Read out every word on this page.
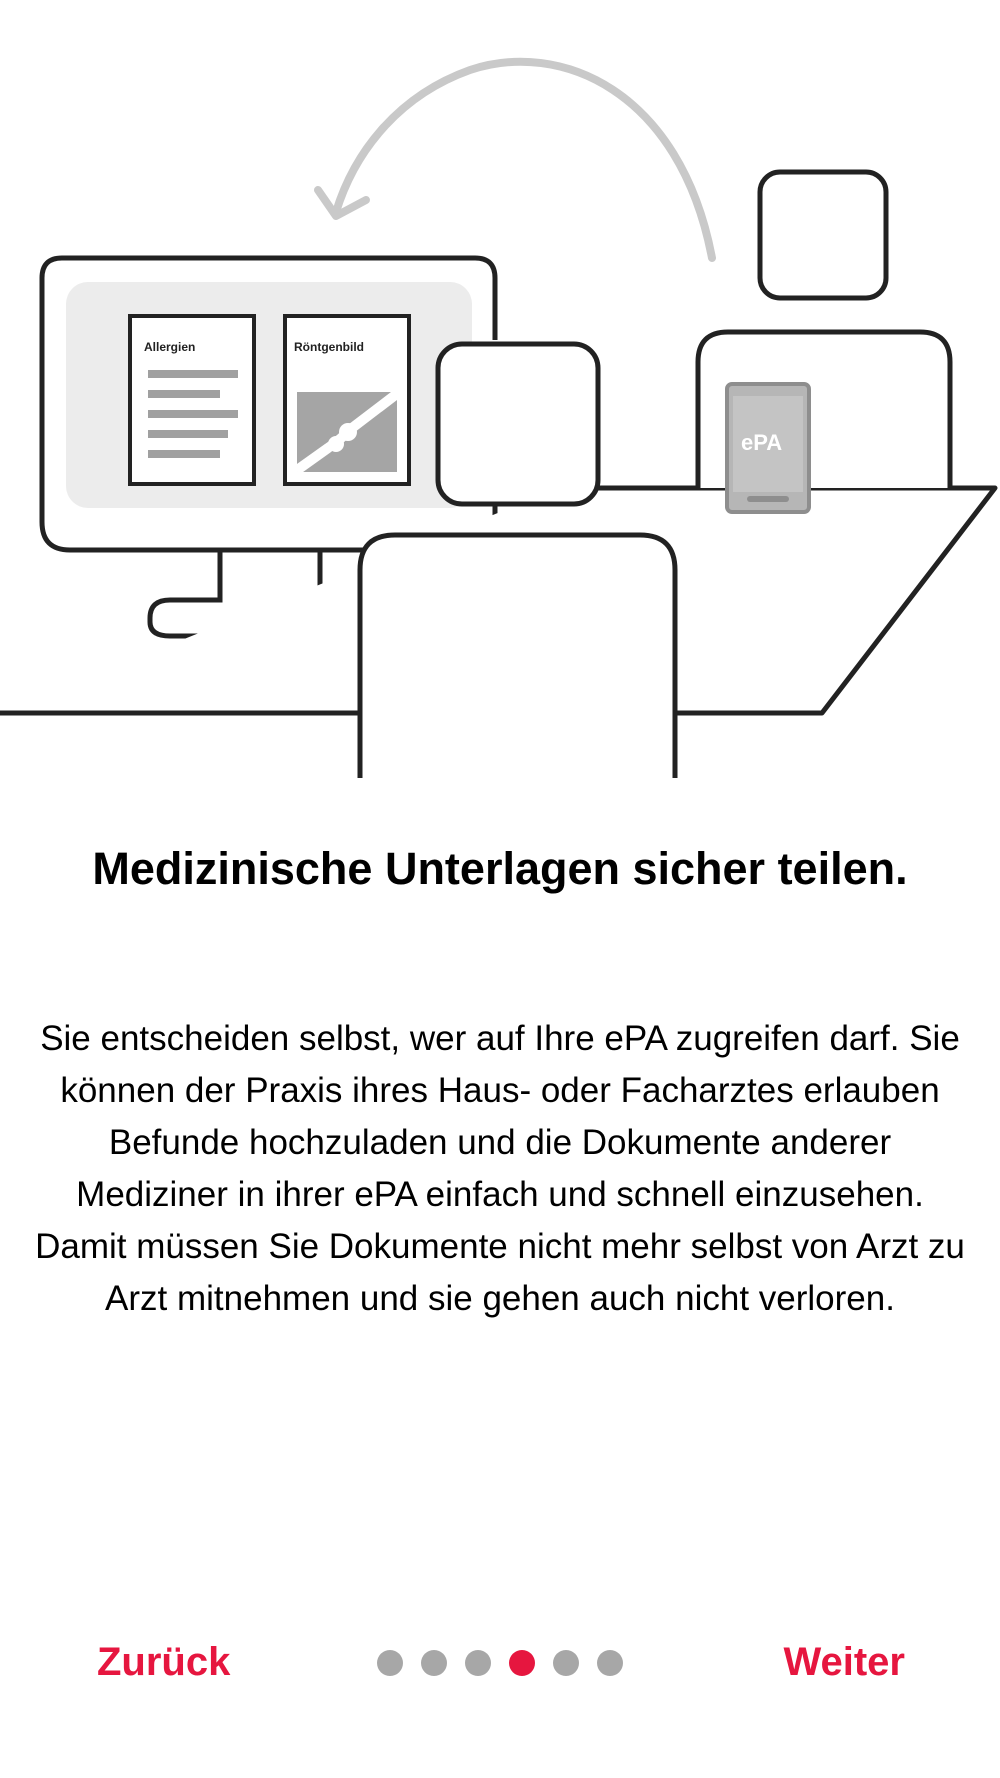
Allergien	Röntgenbild
ePA
Medizinische Unterlagen sicher teilen.

Sie entscheiden selbst, wer auf Ihre ePA zugreifen darf. Sie können der Praxis ihres Haus- oder Facharztes erlauben Befunde hochzuladen und die Dokumente anderer Mediziner in ihrer ePA einfach und schnell einzusehen. Damit müssen Sie Dokumente nicht mehr selbst von Arzt zu Arzt mitnehmen und sie gehen auch nicht verloren.

Zurück	Weiter
